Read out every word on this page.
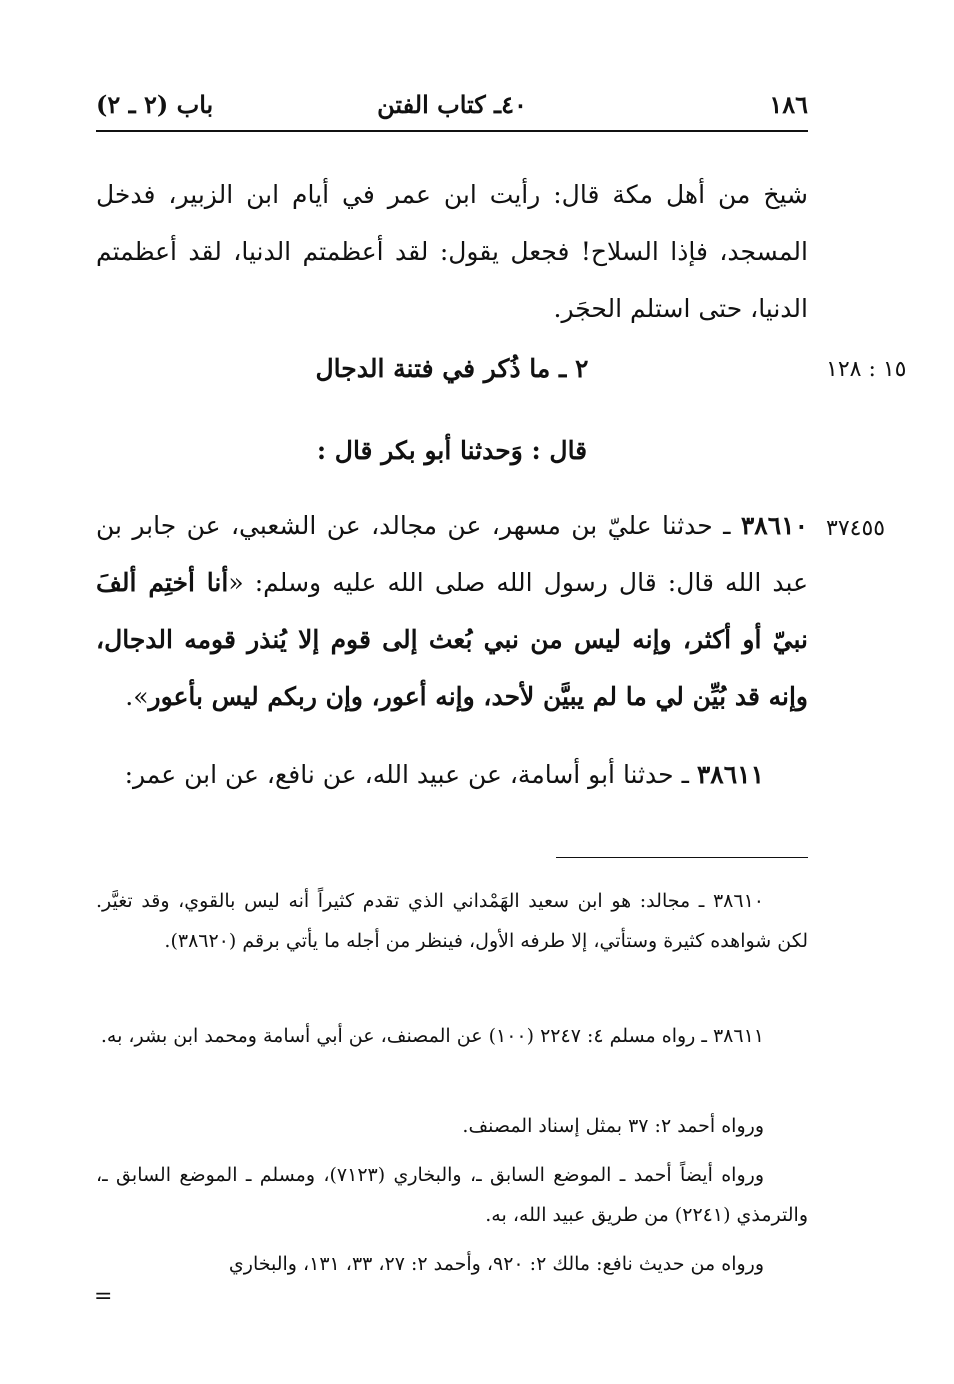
١٨٦
٤٠ـ كتاب الفتن
باب (٢ ـ ٢)
شيخ من أهل مكة قال: رأيت ابن عمر في أيام ابن الزبير، فدخل المسجد، فإذا السلاح! فجعل يقول: لقد أعظمتم الدنيا، لقد أعظمتم الدنيا، حتى استلم الحجَر.
١٥ : ١٢٨
٢ ـ ما ذُكر في فتنة الدجال
قال : وَحدثنا أبو بكر قال :
٣٧٤٥٥
٣٨٦١٠ ـ حدثنا عليّ بن مسهر، عن مجالد، عن الشعبي، عن جابر بن عبد الله قال: قال رسول الله صلى الله عليه وسلم: «أنا أختِم ألفَ نبيّ أو أكثر، وإنه ليس من نبي بُعث إلى قوم إلا يُنذر قومه الدجال، وإنه قد بُيِّن لي ما لم يبيَّن لأحد، وإنه أعور، وإن ربكم ليس بأعور».
٣٨٦١١ ـ حدثنا أبو أسامة، عن عبيد الله، عن نافع، عن ابن عمر:
٣٨٦١٠ ـ مجالد: هو ابن سعيد الهَمْداني الذي تقدم كثيراً أنه ليس بالقوي، وقد تغيَّر. لكن شواهده كثيرة وستأتي، إلا طرفه الأول، فينظر من أجله ما يأتي برقم (٣٨٦٢٠).
٣٨٦١١ ـ رواه مسلم ٤: ٢٢٤٧ (١٠٠) عن المصنف، عن أبي أسامة ومحمد ابن بشر، به.
ورواه أحمد ٢: ٣٧ بمثل إسناد المصنف.
ورواه أيضاً أحمد ـ الموضع السابق ـ، والبخاري (٧١٢٣)، ومسلم ـ الموضع السابق ـ، والترمذي (٢٢٤١) من طريق عبيد الله، به.
ورواه من حديث نافع: مالك ٢: ٩٢٠، وأحمد ٢: ٢٧، ٣٣، ١٣١، والبخاري
=
